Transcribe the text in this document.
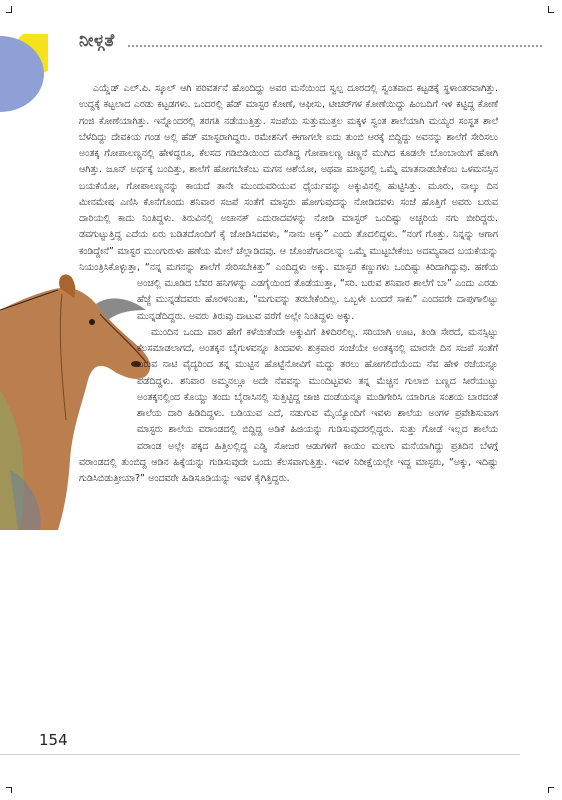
ನೀಳ್ಗತೆ

ಎಯ್ಡೆಡ್ ಎಲ್.ಪಿ. ಸ್ಕೂಲ್ ಆಗಿ ಪರಿವರ್ತನೆ ಹೊಂದಿದ್ದು ಅವರ ಮನೆಯಿಂದ ಸ್ವಲ್ಪ ದೂರದಲ್ಲಿ ಸ್ವಂತವಾದ ಕಟ್ಟಡಕ್ಕೆ ಸ್ಥಳಾಂತರವಾಗಿತ್ತು. ಉದ್ದಕ್ಕೆ ಕಟ್ಟಲಾದ ಎರಡು ಕಟ್ಟಡಗಳು. ಒಂದರಲ್ಲಿ ಹೆಡ್ ಮಾಸ್ಟರ ಕೋಣೆ, ಆಫೀಸು, ಟೀಚರ್‌ಗಳ ಕೋಣೆಯಿದ್ದು ಹಿಂಬದಿಗೆ ಇಳಿ ಕಟ್ಟಿದ್ದ ಕೋಣೆ ಗಂಜಿ ಕೋಣೆಯಾಗಿತ್ತು. ಇನ್ನೊಂದರಲ್ಲಿ ತರಗತಿ ನಡೆಯುತ್ತಿತ್ತು. ಸಜಪೆಯ ಸುತ್ತುಮುತ್ತಲ ಮಕ್ಕಳ ಸ್ವಂತ ಶಾಲೆಯಾಗಿ ಮಯ್ಯರ ಸಂಸ್ಥತ ಶಾಲೆ ಬೆಳೆದಿದ್ದು ದೇವಕಿಯ ಗಂಡ ಅಲ್ಲಿ ಹೆಡ್ ಮಾಸ್ಟರಾಗಿದ್ದರು. ರಮೇಶನಿಗೆ ಈಗಾಗಲೇ ಐದು ತುಂಬಿ ಆರಕ್ಕೆ ಬಿದ್ದಿದ್ದು ಅವನನ್ನು ಶಾಲೆಗೆ ಸೇರಿಸಲು ಅಂತಕ್ಕ ಗೋಪಾಲಣ್ಣನಲ್ಲಿ ಹೇಳಿದ್ದರೂ, ಕೆಲಸದ ಗಡಿಬಿಡಿಯಿಂದ ಮರೆತಿದ್ದ ಗೋಪಾಲಣ್ಣ ಚಿಣ್ಣನೆ ಮುಗಿದ ಕೂಡಲೇ ಬೊಂಬಾಯಿಗೆ ಹೋಗಿ ಆಗಿತ್ತು. ಜೂನ್ ಅರ್ಧಕ್ಕೆ ಬಂದಿತ್ತು, ಶಾಲೆಗೆ ಹೋಗಬೇಕೆಂಬ ಮಗನ ಆಶೆಯೋ, ಅಥವಾ ಮಾಸ್ಟರಲ್ಲಿ ಒಮ್ಮೆ ಮಾತನಾಡಬೇಕೆಂಬ ಒಳಮನಸ್ಸಿನ ಬಯಕೆಯೋ, ಗೋಪಾಲಣ್ಣನನ್ನು ಕಾಯದೆ ತಾನೇ ಮುಂದುವರಿಯುವ ಧೈರ್ಯವನ್ನು ಅಕ್ಕುವಿನಲ್ಲಿ ಹುಟ್ಟಿಸಿತ್ತು. ಮೂರು, ನಾಲ್ಕು ದಿನ ಮೀನಮೇಷ ಎಣಿಸಿ ಕೊನೆಗೊಂದು ಶನಿವಾರ ಸಜಪೆ ಸಂತೆಗೆ ಮಾಸ್ಟರು ಹೋಗುವುದನ್ನು ನೋಡಿದವಳು ಸಂಜೆ ಹೊತ್ತಿಗೆ ಅವರು ಬರುವ ದಾರಿಯಲ್ಲಿ ಕಾದು ನಿಂತಿದ್ದಳು. ತಿರುವಿನಲ್ಲಿ ಅಚಾನಕ್ ಎದುರಾದವಳನ್ನು ನೋಡಿ ಮಾಸ್ಟರ್ ಒಂದಿಷ್ಟು ಅಚ್ಚರಿಯ ನಗು ಬೀರಿದ್ದರು. ಡವಗುಟ್ಟುತ್ತಿದ್ದ ಎದೆಯ ಏರು ಬಡಿತದೊಂದಿಗೆ ಕೈ ಜೋಡಿಸಿದವಳು, “ನಾನು ಅಕ್ಕು” ಎಂದು ತೊದಲಿದ್ದಳು. “ನಂಗೆ ಗೊತ್ತು. ನಿನ್ನನ್ನು ಆಗಾಗ ಕಂಡಿದ್ದೇನೆ” ಮಾಸ್ಟರ ಮುಂಗುರುಳು ಹಣೆಯ ಮೇಲೆ ಚೆಲ್ಲಾಡಿದವು. ಆ ಜೊಂಪೆಗೂದಲನ್ನು ಒಮ್ಮೆ ಮುಟ್ಟಬೇಕೆಂಬ ಅದಮ್ಯವಾದ ಬಯಕೆಯನ್ನು ನಿಯಂತ್ರಿಸಿಕೊಳ್ಳುತ್ತಾ, “ನನ್ನ ಮಗನನ್ನು ಶಾಲೆಗೆ ಸೇರಿಸಬೇಕಿತ್ತು” ಎಂದಿದ್ದಳು ಅಕ್ಕು. ಮಾಸ್ಟರ ಕಣ್ಣುಗಳು ಒಂದಿಷ್ಟು ಕಿರಿದಾಗಿದ್ದುವು. ಹಣೆಯ ಅಂಚಲ್ಲಿ ಮೂಡಿದ ಬೆವರ ಹನಿಗಳನ್ನು ಎಡಗೈಯಿಂದ ತೊಡೆಯುತ್ತಾ, “ಸರಿ. ಬರುವ ಶನಿವಾರ ಶಾಲೆಗೆ ಬಾ” ಎಂದು ಎರಡು ಹೆಜ್ಜೆ ಮುನ್ನಡೆದವರು ಹೊರಳಿನಿಂತು, “ಮಗುವನ್ನು ತರಬೇಕೆಂದಿಲ್ಲ. ಒಬ್ಬಳೇ ಬಂದರೆ ಸಾಕು” ಎಂದವರೇ ದಾಪುಗಾಲಿಟ್ಟು ಮುನ್ನಡೆದಿದ್ದರು. ಅವರು ತಿರುವು ದಾಟುವ ವರೆಗೆ ಅಲ್ಲೇ ನಿಂತಿದ್ದಳು ಅಕ್ಕು.

ಮುಂದಿನ ಒಂದು ವಾರ ಹೇಗೆ ಕಳೆಯಿತೆಂದೇ ಅಕ್ಕುವಿಗೆ ತಿಳಿದಿರಲಿಲ್ಲ. ಸರಿಯಾಗಿ ಊಟ, ತಿಂಡಿ ಸೇರದೆ, ಮನಸ್ಸಿಟ್ಟು ಕೆಲಸಮಾಡಲಾಗದೆ, ಅಂತಕ್ಕನ ಬೈಗುಳವನ್ನೂ ತಿಂದವಳು ಶುಕ್ರವಾರ ಸಂಜೆಯೇ ಅಂತಕ್ಕನಲ್ಲಿ ಮಾರನೇ ದಿನ ಸಜಪೆ ಸಂತೆಗೆ ಬರುವ ನಾಟಿ ವೈದ್ಯರಿಂದ ತನ್ನ ಮುಟ್ಟಿನ ಹೊಟ್ಟೆನೋವಿಗೆ ಮದ್ದು ತರಲು ಹೋಗಲಿದೆಯೆಂದು ನೆವ ಹೇಳಿ ರಜೆಯನ್ನೂ ಪಡೆದಿದ್ದಳು. ಶನಿವಾರ ಅಮ್ಮನಲ್ಲೂ ಅದೇ ನೆವವನ್ನು ಮುಂದಿಟ್ಟವಳು ತನ್ನ ಮೆಚ್ಚಿನ ಗುಲಾಬಿ ಬಣ್ಣದ ಸೀರೆಯುಟ್ಟು ಅಂತಕ್ಕನಲ್ಲಿಂದ ಕೊಯ್ದು ತಂದು ಬೈರಾಸಿನಲ್ಲಿ ಸುತ್ತಿಟ್ಟಿದ್ದ ಜಾಜಿ ದಂಡೆಯನ್ನೂ ಮುಡಿಗೇರಿಸಿ ಯಾರಿಗೂ ಸಂಶಯ ಬಾರದಂತೆ ಶಾಲೆಯ ದಾರಿ ಹಿಡಿದಿದ್ದಳು. ಬಡಿಯುವ ಎದೆ, ನಡುಗುವ ಮೈಯ್ಯೊಂದಿಗೆ ಇವಳು ಶಾಲೆಯ ಅಂಗಳ ಪ್ರವೇಶಿಸುವಾಗ ಮಾಸ್ಟರು ಶಾಲೆಯ ವರಾಂಡದಲ್ಲಿ ಬಿದ್ದಿದ್ದ ಅಡಿಕೆ ಹಿಜಿಯನ್ನು ಗುಡಿಸುವುದರಲ್ಲಿದ್ದರು. ಸುತ್ತು ಗೋಡೆ ಇಲ್ಲದ ಶಾಲೆಯ ವರಾಂಡ ಅಲ್ಲೇ ಪಕ್ಕದ ಹಿತ್ತಿಲಲ್ಲಿದ್ದ ಎಡ್ವಿ ಸೋಜರ ಆಡುಗಳಿಗೆ ಕಾಯಂ ಮಲಗು ಮನೆಯಾಗಿದ್ದು ಪ್ರತಿದಿನ ಬೆಳಗ್ಗೆ ವರಾಂಡದಲ್ಲಿ ತುಂಬಿದ್ದ ಆಡಿನ ಹಿಕ್ಕೆಯನ್ನು ಗುಡಿಸುವುದೇ ಒಂದು ಕೆಲಸವಾಗುತ್ತಿತ್ತು. ಇವಳ ನಿರೀಕ್ಷೆಯಲ್ಲೇ ಇದ್ದ ಮಾಸ್ಟರು, “ಅಕ್ಕು, ಇದಿಷ್ಟು ಗುಡಿಸಿಬಿಡುತ್ತೀಯಾ?” ಅಂದವರೇ ಹಿಡಿಸೂಡಿಯನ್ನು ಇವಳ ಕೈಗಿತ್ತಿದ್ದರು.

154
